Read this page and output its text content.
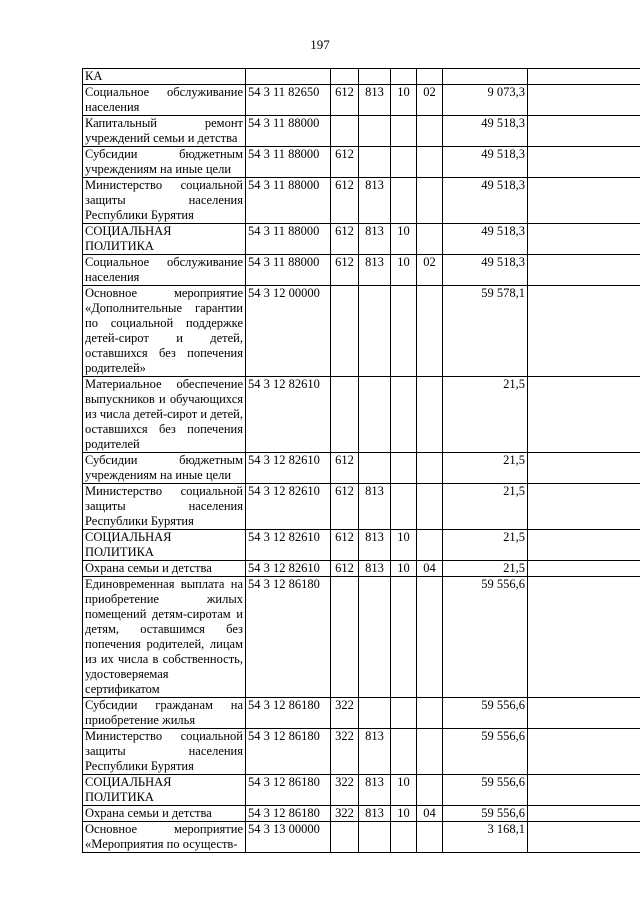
197
КА							
Социальное обслуживание населения	54 3 11 82650	612	813	10	02	9 073,3	
Капитальный ремонт учреждений семьи и детства	54 3 11 88000					49 518,3	
Субсидии бюджетным учреждениям на иные цели	54 3 11 88000	612				49 518,3	
Министерство социальной защиты населения Республики Бурятия	54 3 11 88000	612	813			49 518,3	
СОЦИАЛЬНАЯ ПОЛИТИКА	54 3 11 88000	612	813	10		49 518,3	
Социальное обслуживание населения	54 3 11 88000	612	813	10	02	49 518,3	
Основное мероприятие «Дополнительные гарантии по социальной поддержке детей-сирот и детей, оставшихся без попечения родителей»	54 3 12 00000					59 578,1	
Материальное обеспечение выпускников и обучающихся из числа детей-сирот и детей, оставшихся без попечения родителей	54 3 12 82610					21,5	
Субсидии бюджетным учреждениям на иные цели	54 3 12 82610	612				21,5	
Министерство социальной защиты населения Республики Бурятия	54 3 12 82610	612	813			21,5	
СОЦИАЛЬНАЯ ПОЛИТИКА	54 3 12 82610	612	813	10		21,5	
Охрана семьи и детства	54 3 12 82610	612	813	10	04	21,5	
Единовременная выплата на приобретение жилых помещений детям-сиротам и детям, оставшимся без попечения родителей, лицам из их числа в собственность, удостоверяемая сертификатом	54 3 12 86180					59 556,6	
Субсидии гражданам на приобретение жилья	54 3 12 86180	322				59 556,6	
Министерство социальной защиты населения Республики Бурятия	54 3 12 86180	322	813			59 556,6	
СОЦИАЛЬНАЯ ПОЛИТИКА	54 3 12 86180	322	813	10		59 556,6	
Охрана семьи и детства	54 3 12 86180	322	813	10	04	59 556,6	
Основное мероприятие «Мероприятия по осуществ-	54 3 13 00000					3 168,1	
